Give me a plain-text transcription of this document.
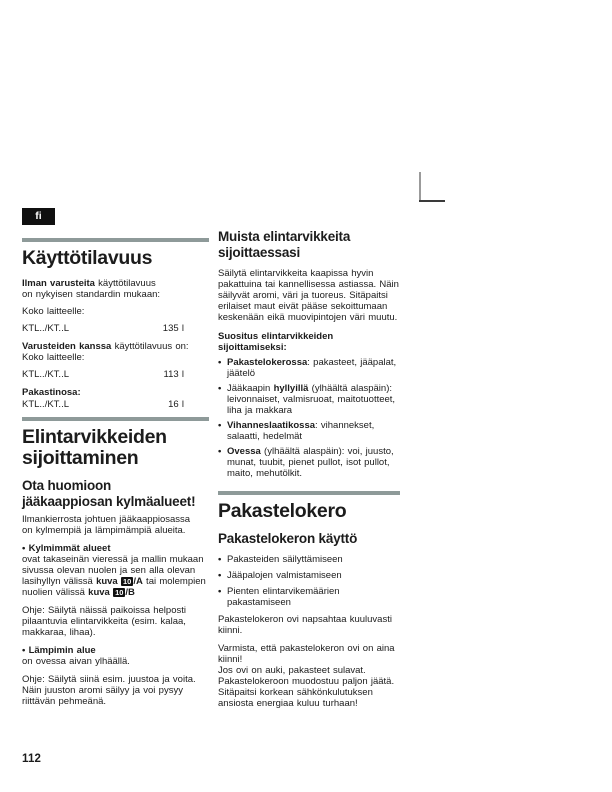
fi
Käyttötilavuus

Ilman varusteita käyttötilavuus
on nykyisen standardin mukaan:

Koko laitteelle:

KTL../KT..L	135 l

Varusteiden kanssa käyttötilavuus on:
Koko laitteelle:

KTL../KT..L	113 l

Pakastinosa:

KTL../KT..L	16 l
Elintarvikkeiden
sijoittaminen
Ota huomioon
jääkaappiosan kylmäalueet!

Ilmankierrosta johtuen jääkaappiosassa
on kylmempiä ja lämpimämpiä alueita.

• Kylmimmät alueet
ovat takaseinän vieressä ja mallin mukaan
sivussa olevan nuolen ja sen alla olevan
lasihyllyn välissä kuva 10 /A tai molempien
nuolien välissä kuva 10 /B

Ohje: Säilytä näissä paikoissa helposti
pilaantuvia elintarvikkeita (esim. kalaa,
makkaraa, lihaa).

• Lämpimin alue
on ovessa aivan ylhäällä.

Ohje: Säilytä siinä esim. juustoa ja voita.
Näin juuston aromi säilyy ja voi pysyy
riittävän pehmeänä.

Muista elintarvikkeita
sijoittaessasi

Säilytä elintarvikkeita kaapissa hyvin
pakattuina tai kannellisessa astiassa. Näin
säilyvät aromi, väri ja tuoreus. Sitäpaitsi
erilaiset maut eivät pääse sekoittumaan
keskenään eikä muovipintojen väri muutu.

Suositus elintarvikkeiden
sijoittamiseksi:

• Pakastelokerossa: pakasteet, jääpalat, jäätelö
• Jääkaapin hyllyillä (ylhäältä alaspäin): leivonnaiset, valmisruoat, maitotuotteet, liha ja makkara
• Vihanneslaatikossa: vihannekset, salaatti, hedelmät
• Ovessa (ylhäältä alaspäin): voi, juusto, munat, tuubit, pienet pullot, isot pullot, maito, mehutölkit.
Pakastelokero
Pakastelokeron käyttö
• Pakasteiden säilyttämiseen
• Jääpalojen valmistamiseen
• Pienten elintarvikemäärien pakastamiseen

Pakastelokeron ovi napsahtaa kuuluvasti
kiinni.

Varmista, että pakastelokeron ovi on aina
kiinni!
Jos ovi on auki, pakasteet sulavat.
Pakastelokeroon muodostuu paljon jäätä.
Sitäpaitsi korkean sähkönkulutuksen
ansiosta energiaa kuluu turhaan!

112
